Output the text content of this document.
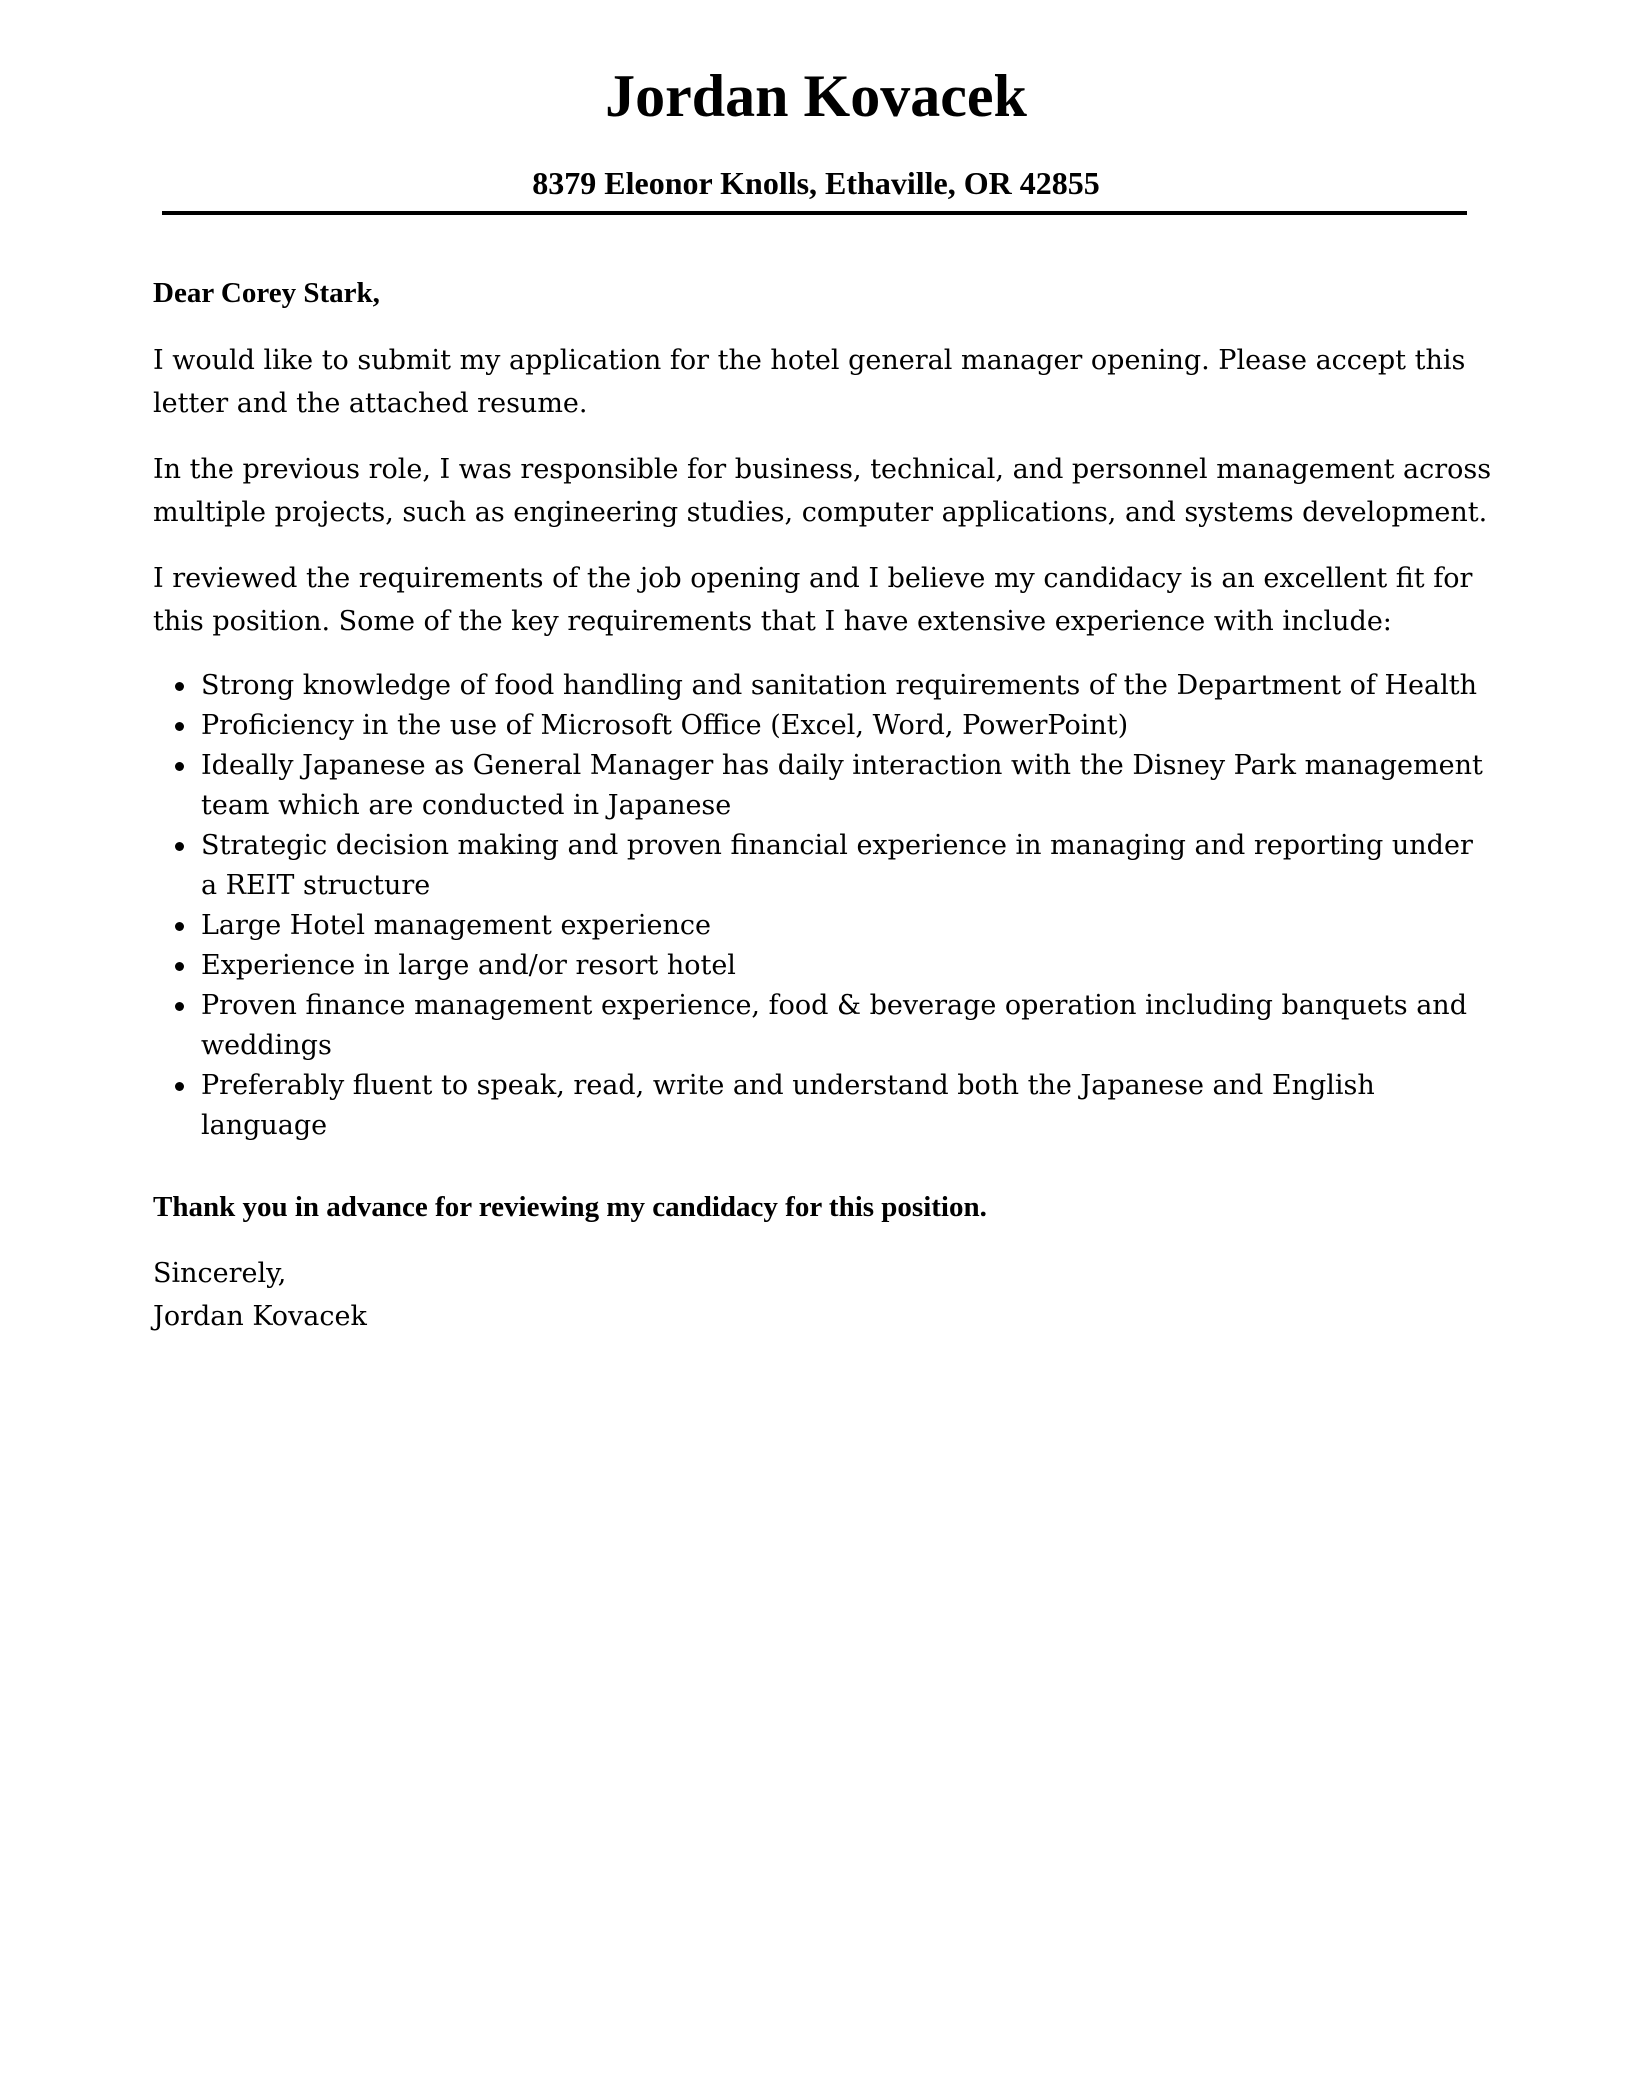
Jordan Kovacek

8379 Eleonor Knolls, Ethaville, OR 42855

Dear Corey Stark,

I would like to submit my application for the hotel general manager opening. Please accept this letter and the attached resume.

In the previous role, I was responsible for business, technical, and personnel management across multiple projects, such as engineering studies, computer applications, and systems development.

I reviewed the requirements of the job opening and I believe my candidacy is an excellent fit for this position. Some of the key requirements that I have extensive experience with include:

Strong knowledge of food handling and sanitation requirements of the Department of Health
Proficiency in the use of Microsoft Office (Excel, Word, PowerPoint)
Ideally Japanese as General Manager has daily interaction with the Disney Park management team which are conducted in Japanese
Strategic decision making and proven financial experience in managing and reporting under a REIT structure
Large Hotel management experience
Experience in large and/or resort hotel
Proven finance management experience, food & beverage operation including banquets and weddings
Preferably fluent to speak, read, write and understand both the Japanese and English language

Thank you in advance for reviewing my candidacy for this position.

Sincerely,

Jordan Kovacek
